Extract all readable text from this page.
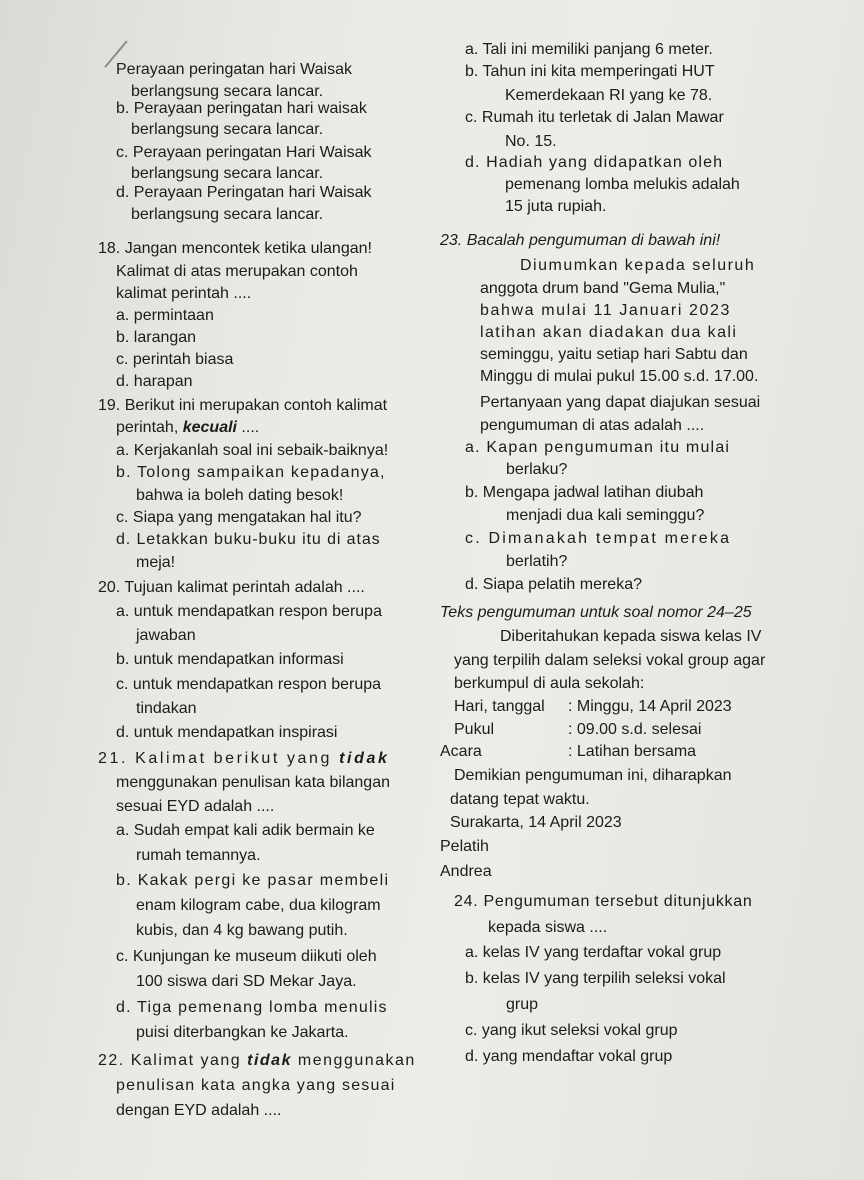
Perayaan peringatan hari Waisak
berlangsung secara lancar.
b. Perayaan peringatan hari waisak
berlangsung secara lancar.
c. Perayaan peringatan Hari Waisak
berlangsung secara lancar.
d. Perayaan Peringatan hari Waisak
berlangsung secara lancar.
18. Jangan mencontek ketika ulangan!
Kalimat di atas merupakan contoh
kalimat perintah ....
a. permintaan
b. larangan
c. perintah biasa
d. harapan
19. Berikut ini merupakan contoh kalimat
perintah, kecuali ....
a. Kerjakanlah soal ini sebaik-baiknya!
b. Tolong sampaikan kepadanya,
bahwa ia boleh dating besok!
c. Siapa yang mengatakan hal itu?
d. Letakkan buku-buku itu di atas
meja!
20. Tujuan kalimat perintah adalah ....
a. untuk mendapatkan respon berupa
jawaban
b. untuk mendapatkan informasi
c. untuk mendapatkan respon berupa
tindakan
d. untuk mendapatkan inspirasi
21. Kalimat berikut yang tidak
menggunakan penulisan kata bilangan
sesuai EYD adalah ....
a. Sudah empat kali adik bermain ke
rumah temannya.
b. Kakak pergi ke pasar membeli
enam kilogram cabe, dua kilogram
kubis, dan 4 kg bawang putih.
c. Kunjungan ke museum diikuti oleh
100 siswa dari SD Mekar Jaya.
d. Tiga pemenang lomba menulis
puisi diterbangkan ke Jakarta.
22. Kalimat yang tidak menggunakan
penulisan kata angka yang sesuai
dengan EYD adalah ....
a. Tali ini memiliki panjang 6 meter.
b. Tahun ini kita memperingati HUT
Kemerdekaan RI yang ke 78.
c. Rumah itu terletak di Jalan Mawar
No. 15.
d. Hadiah yang didapatkan oleh
pemenang lomba melukis adalah
15 juta rupiah.
23. Bacalah pengumuman di bawah ini!
Diumumkan kepada seluruh
anggota drum band "Gema Mulia,"
bahwa mulai 11 Januari 2023
latihan akan diadakan dua kali
seminggu, yaitu setiap hari Sabtu dan
Minggu di mulai pukul 15.00 s.d. 17.00.
Pertanyaan yang dapat diajukan sesuai
pengumuman di atas adalah ....
a. Kapan pengumuman itu mulai
berlaku?
b. Mengapa jadwal latihan diubah
menjadi dua kali seminggu?
c. Dimanakah tempat mereka
berlatih?
d. Siapa pelatih mereka?
Teks pengumuman untuk soal nomor 24–25
Diberitahukan kepada siswa kelas IV
yang terpilih dalam seleksi vokal group agar
berkumpul di aula sekolah:
Hari, tanggal : Minggu, 14 April 2023
Pukul	: 09.00 s.d. selesai
Acara	: Latihan bersama
Demikian pengumuman ini, diharapkan
datang tepat waktu.
Surakarta, 14 April 2023
Pelatih
Andrea
24. Pengumuman tersebut ditunjukkan
kepada siswa ....
a. kelas IV yang terdaftar vokal grup
b. kelas IV yang terpilih seleksi vokal
grup
c. yang ikut seleksi vokal grup
d. yang mendaftar vokal grup
